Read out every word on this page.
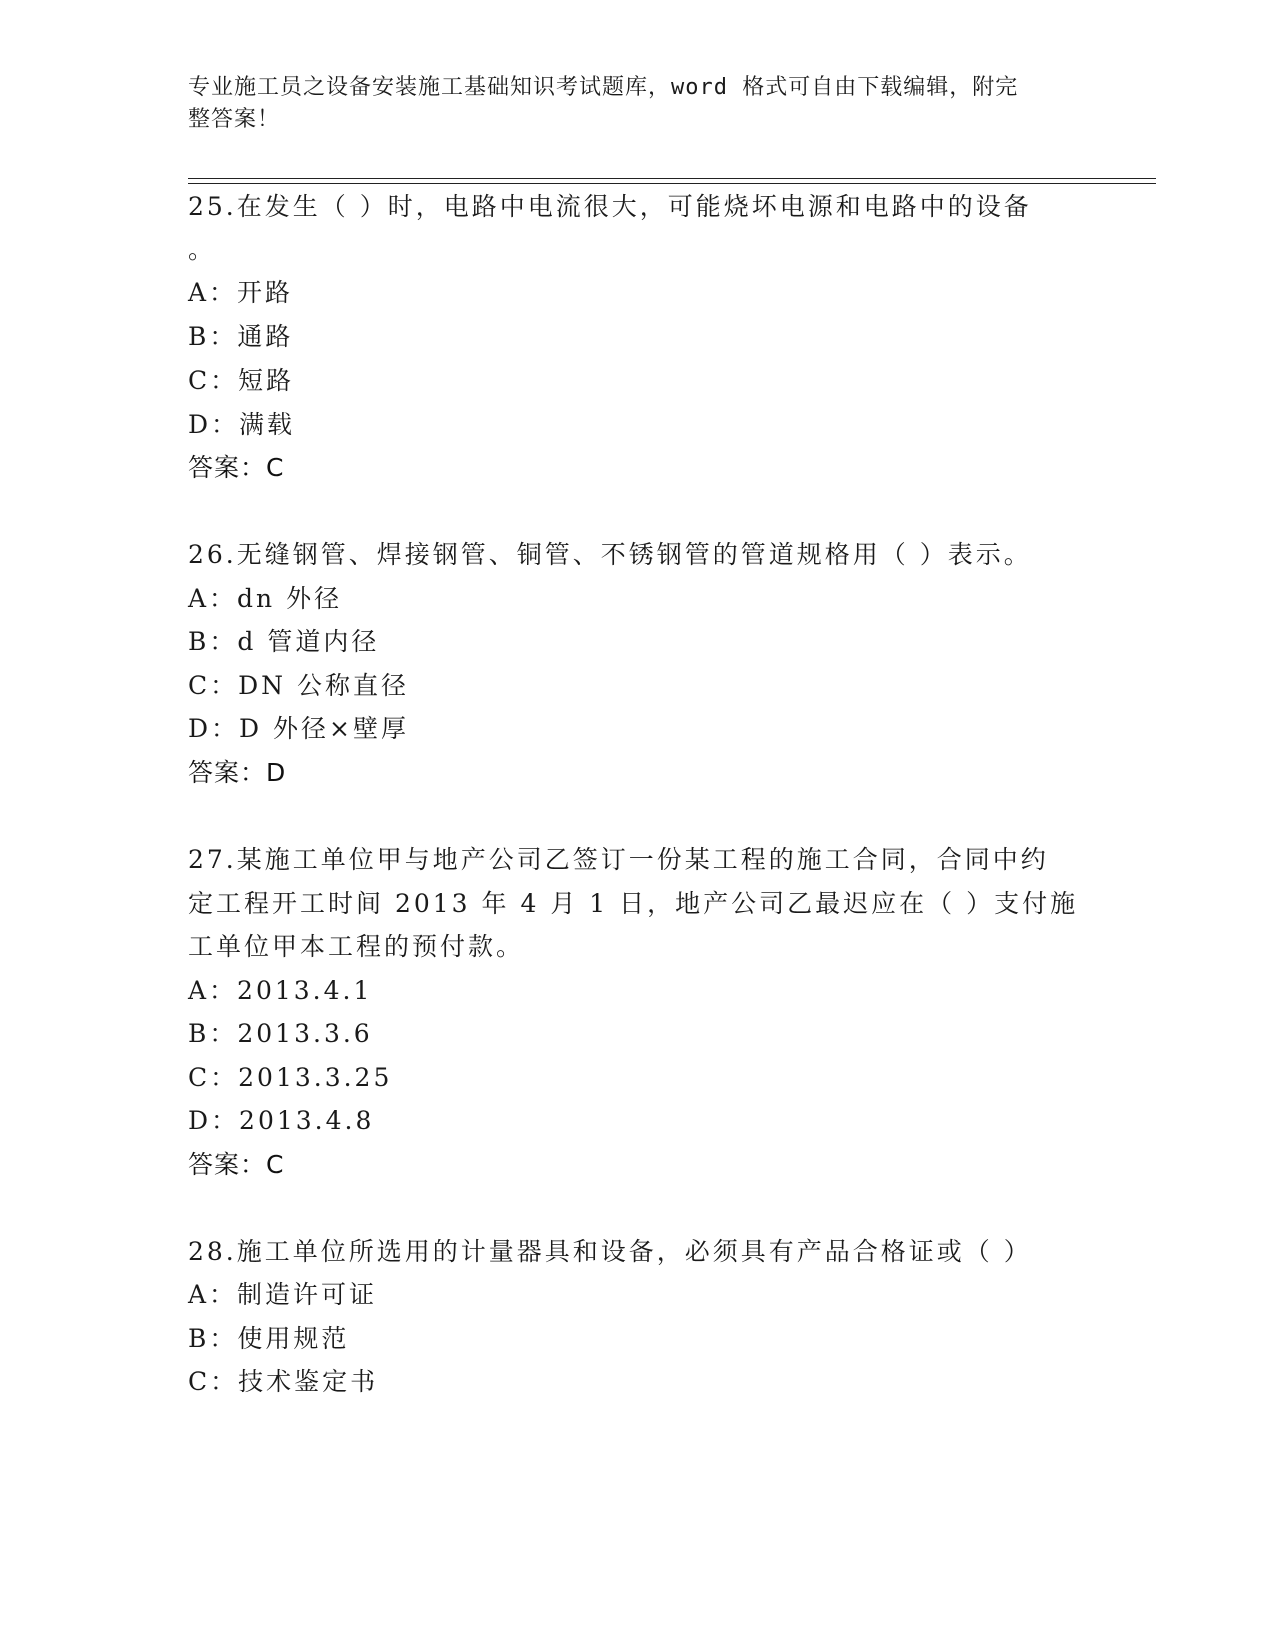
专业施工员之设备安装施工基础知识考试题库，word 格式可自由下载编辑，附完
整答案！
25.在发生（ ）时，电路中电流很大，可能烧坏电源和电路中的设备
。
A：开路
B：通路
C：短路
D：满载
答案：C
26.无缝钢管、焊接钢管、铜管、不锈钢管的管道规格用（ ）表示。
A：dn 外径
B：d 管道内径
C：DN 公称直径
D：D 外径×壁厚
答案：D
27.某施工单位甲与地产公司乙签订一份某工程的施工合同，合同中约
定工程开工时间 2013 年 4 月 1 日，地产公司乙最迟应在（ ）支付施
工单位甲本工程的预付款。
A：2013.4.1
B：2013.3.6
C：2013.3.25
D：2013.4.8
答案：C
28.施工单位所选用的计量器具和设备，必须具有产品合格证或（ ）
A：制造许可证
B：使用规范
C：技术鉴定书
